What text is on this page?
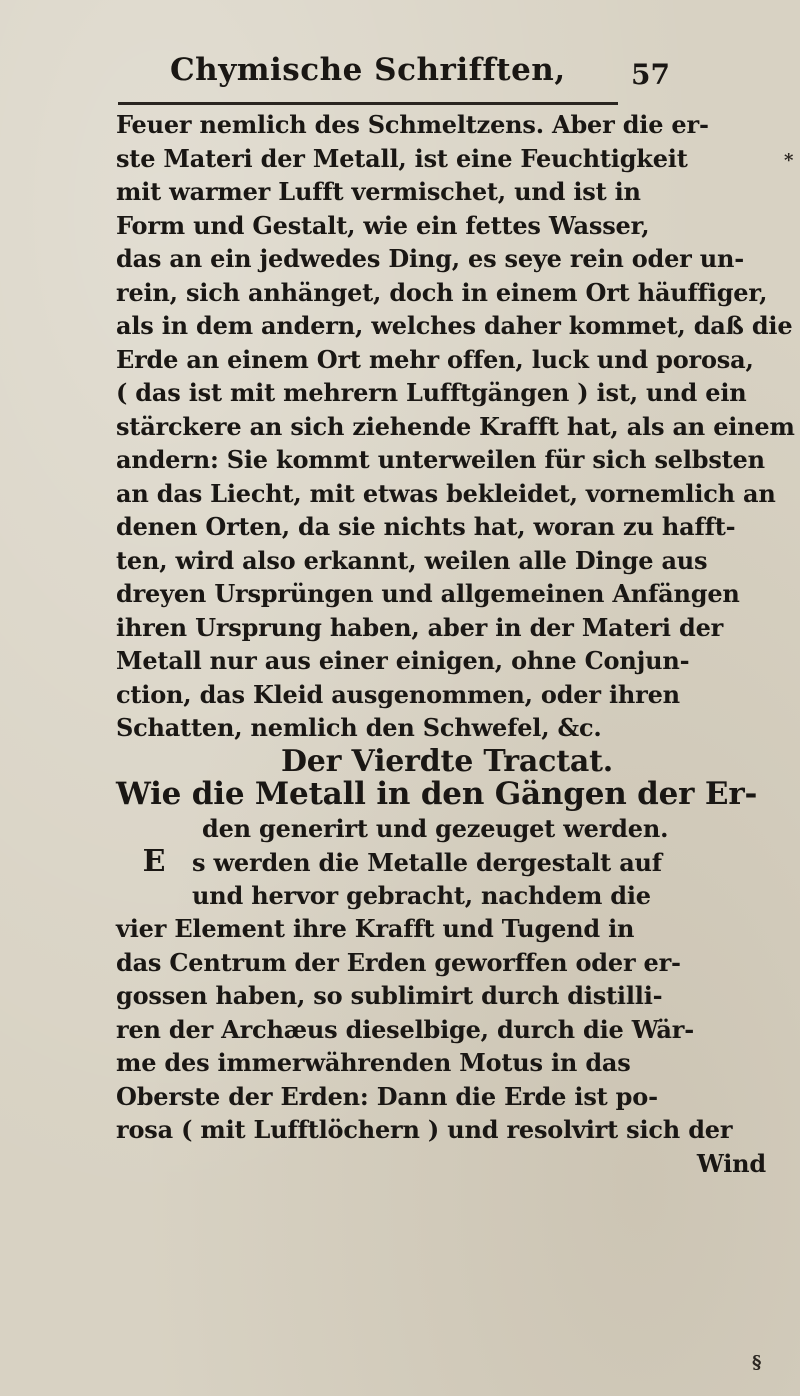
Chymische Schrifften, 57
*
Feuer nemlich des Schmeltzens. Aber die er-
ste Materi der Metall, ist eine Feuchtigkeit
mit warmer Lufft vermischet, und ist in
Form und Gestalt, wie ein fettes Wasser,
das an ein jedwedes Ding, es seye rein oder un-
rein, sich anhänget, doch in einem Ort häuffiger,
als in dem andern, welches daher kommet, daß die
Erde an einem Ort mehr offen, luck und porosa,
( das ist mit mehrern Lufftgängen ) ist, und ein
stärckere an sich ziehende Krafft hat, als an einem
andern: Sie kommt unterweilen für sich selbsten
an das Liecht, mit etwas bekleidet, vornemlich an
denen Orten, da sie nichts hat, woran zu hafft-
ten, wird also erkannt, weilen alle Dinge aus
dreyen Ursprüngen und allgemeinen Anfängen
ihren Ursprung haben, aber in der Materi der
Metall nur aus einer einigen, ohne Conjun-
ction, das Kleid ausgenommen, oder ihren
Schatten, nemlich den Schwefel, &c.
Der Vierdte Tractat.
Wie die Metall in den Gängen der Er-
den generirt und gezeuget werden.
E s werden die Metalle dergestalt auf
und hervor gebracht, nachdem die
vier Element ihre Krafft und Tugend in
das Centrum der Erden geworffen oder er-
gossen haben, so sublimirt durch distilli-
ren der Archæus dieselbige, durch die Wär-
me des immerwährenden Motus in das
Oberste der Erden: Dann die Erde ist po-
rosa ( mit Lufftlöchern ) und resolvirt sich der
Wind
§
